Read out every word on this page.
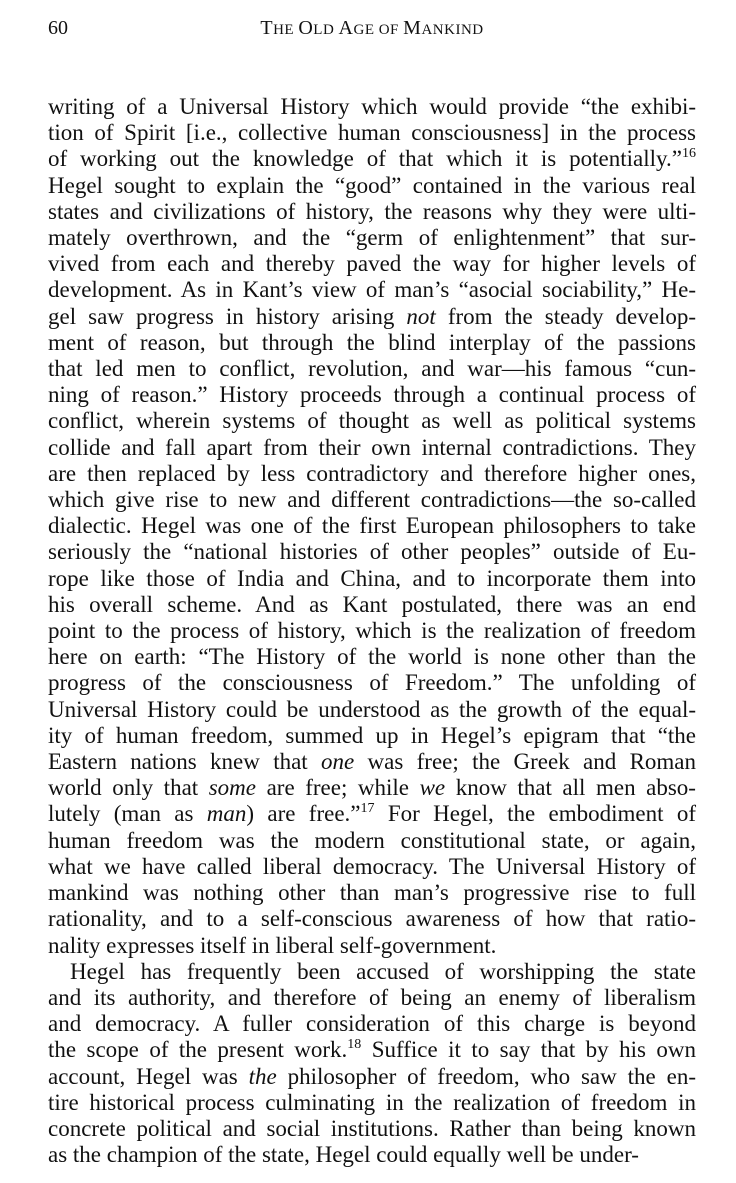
60	THE OLD AGE OF MANKIND
writing of a Universal History which would provide “the exhibi-
tion of Spirit [i.e., collective human consciousness] in the process
of working out the knowledge of that which it is potentially.”$^{16}$
Hegel sought to explain the “good” contained in the various real
states and civilizations of history, the reasons why they were ulti-
mately overthrown, and the “germ of enlightenment” that sur-
vived from each and thereby paved the way for higher levels of
development. As in Kant’s view of man’s “asocial sociability,” He-
gel saw progress in history arising not from the steady develop-
ment of reason, but through the blind interplay of the passions
that led men to conflict, revolution, and war—his famous “cun-
ning of reason.” History proceeds through a continual process of
conflict, wherein systems of thought as well as political systems
collide and fall apart from their own internal contradictions. They
are then replaced by less contradictory and therefore higher ones,
which give rise to new and different contradictions—the so-called
dialectic. Hegel was one of the first European philosophers to take
seriously the “national histories of other peoples” outside of Eu-
rope like those of India and China, and to incorporate them into
his overall scheme. And as Kant postulated, there was an end
point to the process of history, which is the realization of freedom
here on earth: “The History of the world is none other than the
progress of the consciousness of Freedom.” The unfolding of
Universal History could be understood as the growth of the equal-
ity of human freedom, summed up in Hegel’s epigram that “the
Eastern nations knew that one was free; the Greek and Roman
world only that some are free; while we know that all men abso-
lutely (man as man) are free.”$^{17}$ For Hegel, the embodiment of
human freedom was the modern constitutional state, or again,
what we have called liberal democracy. The Universal History of
mankind was nothing other than man’s progressive rise to full
rationality, and to a self-conscious awareness of how that ratio-
nality expresses itself in liberal self-government.
Hegel has frequently been accused of worshipping the state
and its authority, and therefore of being an enemy of liberalism
and democracy. A fuller consideration of this charge is beyond
the scope of the present work.$^{18}$ Suffice it to say that by his own
account, Hegel was the philosopher of freedom, who saw the en-
tire historical process culminating in the realization of freedom in
concrete political and social institutions. Rather than being known
as the champion of the state, Hegel could equally well be under-
